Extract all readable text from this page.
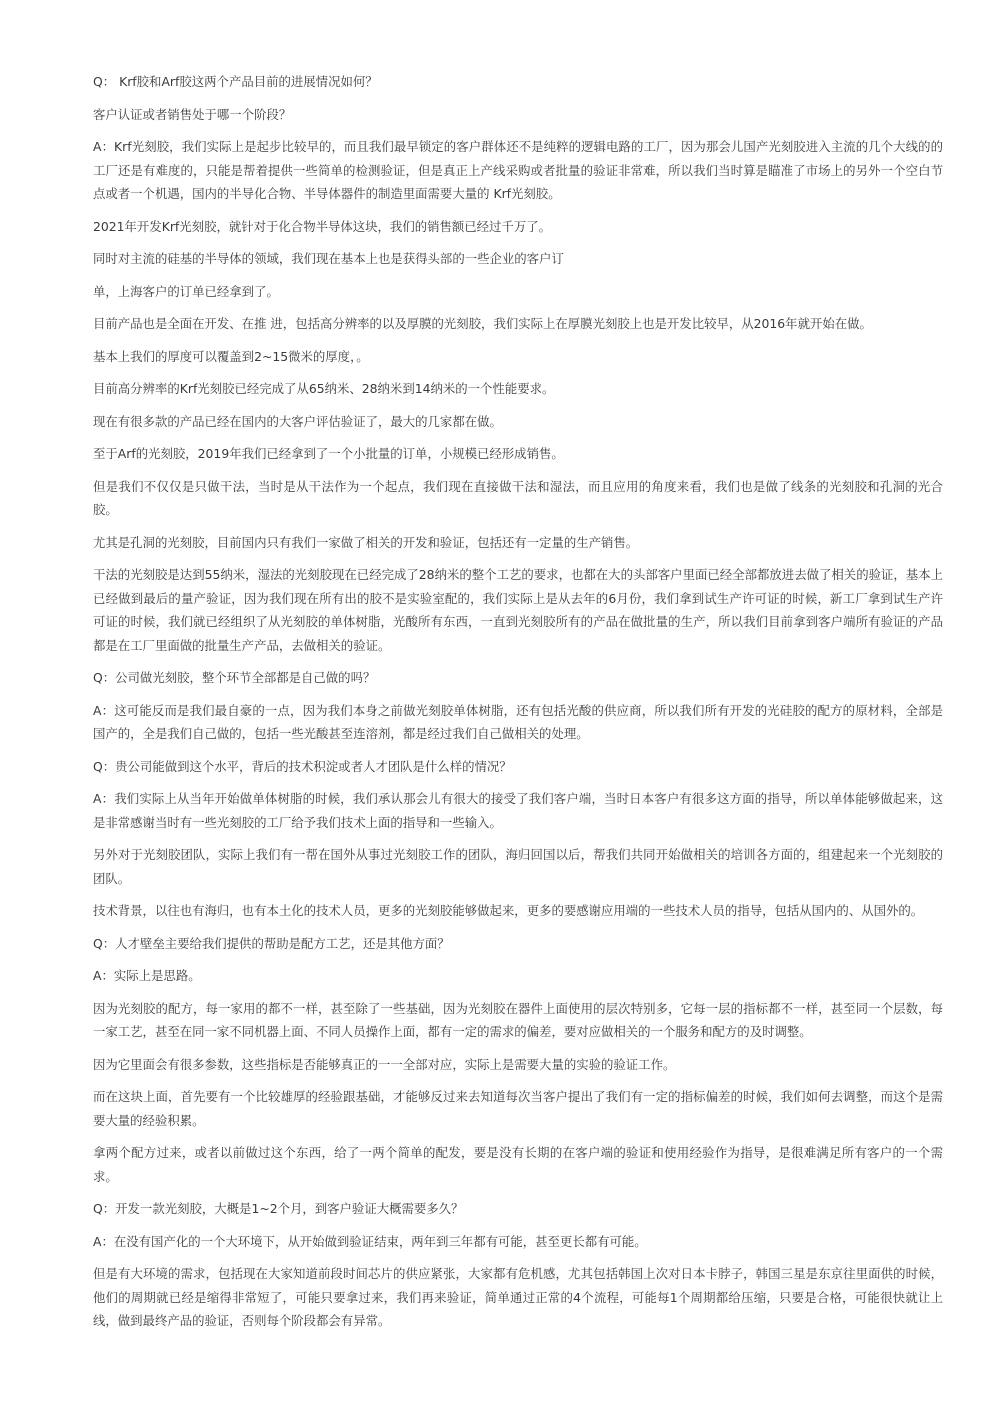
Q： Krf胶和Arf胶这两个产品目前的进展情况如何？

客户认证或者销售处于哪一个阶段？

A：Krf光刻胶，我们实际上是起步比较早的，而且我们最早锁定的客户群体还不是纯粹的逻辑电路的工厂，因为那会儿国产光刻胶进入主流的几个大线的的工厂还是有难度的，只能是帮着提供一些简单的检测验证，但是真正上产线采购或者批量的验证非常难，所以我们当时算是瞄准了市场上的另外一个空白节点或者一个机遇，国内的半导化合物、半导体器件的制造里面需要大量的 Krf光刻胶。

2021年开发Krf光刻胶，就针对于化合物半导体这块，我们的销售额已经过千万了。

同时对主流的硅基的半导体的领域，我们现在基本上也是获得头部的一些企业的客户订

单，上海客户的订单已经拿到了。

目前产品也是全面在开发、在推 进，包括高分辨率的以及厚膜的光刻胶，我们实际上在厚膜光刻胶上也是开发比较早，从2016年就开始在做。

基本上我们的厚度可以覆盖到2~15微米的厚度，。

目前高分辨率的Krf光刻胶已经完成了从65纳米、28纳米到14纳米的一个性能要求。

现在有很多款的产品已经在国内的大客户评估验证了，最大的几家都在做。

至于Arf的光刻胶，2019年我们已经拿到了一个小批量的订单，小规模已经形成销售。

但是我们不仅仅是只做干法，当时是从干法作为一个起点，我们现在直接做干法和湿法，而且应用的角度来看，我们也是做了线条的光刻胶和孔洞的光合胶。

尤其是孔洞的光刻胶，目前国内只有我们一家做了相关的开发和验证，包括还有一定量的生产销售。

干法的光刻胶是达到55纳米，湿法的光刻胶现在已经完成了28纳米的整个工艺的要求，也都在大的头部客户里面已经全部都放进去做了相关的验证，基本上已经做到最后的量产验证，因为我们现在所有出的胶不是实验室配的，我们实际上是从去年的6月份，我们拿到试生产许可证的时候，新工厂拿到试生产许可证的时候，我们就已经组织了从光刻胶的单体树脂，光酸所有东西，一直到光刻胶所有的产品在做批量的生产，所以我们目前拿到客户端所有验证的产品都是在工厂里面做的批量生产产品，去做相关的验证。

Q：公司做光刻胶，整个环节全部都是自己做的吗？

A：这可能反而是我们最自豪的一点，因为我们本身之前做光刻胶单体树脂，还有包括光酸的供应商，所以我们所有开发的光硅胶的配方的原材料，全部是国产的，全是我们自己做的，包括一些光酸甚至连溶剂，都是经过我们自己做相关的处理。

Q：贵公司能做到这个水平，背后的技术积淀或者人才团队是什么样的情况？

A：我们实际上从当年开始做单体树脂的时候，我们承认那会儿有很大的接受了我们客户端，当时日本客户有很多这方面的指导，所以单体能够做起来，这是非常感谢当时有一些光刻胶的工厂给予我们技术上面的指导和一些输入。

另外对于光刻胶团队，实际上我们有一帮在国外从事过光刻胶工作的团队，海归回国以后，帮我们共同开始做相关的培训各方面的，组建起来一个光刻胶的团队。

技术背景，以往也有海归，也有本土化的技术人员，更多的光刻胶能够做起来，更多的要感谢应用端的一些技术人员的指导，包括从国内的、从国外的。

Q：人才壁垒主要给我们提供的帮助是配方工艺，还是其他方面？

A：实际上是思路。

因为光刻胶的配方，每一家用的都不一样，甚至除了一些基础，因为光刻胶在器件上面使用的层次特别多，它每一层的指标都不一样，甚至同一个层数，每一家工艺，甚至在同一家不同机器上面、不同人员操作上面，都有一定的需求的偏差，要对应做相关的一个服务和配方的及时调整。

因为它里面会有很多参数，这些指标是否能够真正的一一全部对应，实际上是需要大量的实验的验证工作。

而在这块上面，首先要有一个比较雄厚的经验跟基础，才能够反过来去知道每次当客户提出了我们有一定的指标偏差的时候，我们如何去调整，而这个是需要大量的经验积累。

拿两个配方过来，或者以前做过这个东西，给了一两个简单的配发，要是没有长期的在客户端的验证和使用经验作为指导，是很难满足所有客户的一个需求。

Q：开发一款光刻胶，大概是1~2个月，到客户验证大概需要多久？

A：在没有国产化的一个大环境下，从开始做到验证结束，两年到三年都有可能，甚至更长都有可能。

但是有大环境的需求，包括现在大家知道前段时间芯片的供应紧张，大家都有危机感，尤其包括韩国上次对日本卡脖子，韩国三星是东京往里面供的时候，他们的周期就已经是缩得非常短了，可能只要拿过来，我们再来验证，简单通过正常的4个流程，可能每1个周期都给压缩，只要是合格，可能很快就让上线，做到最终产品的验证，否则每个阶段都会有异常。
